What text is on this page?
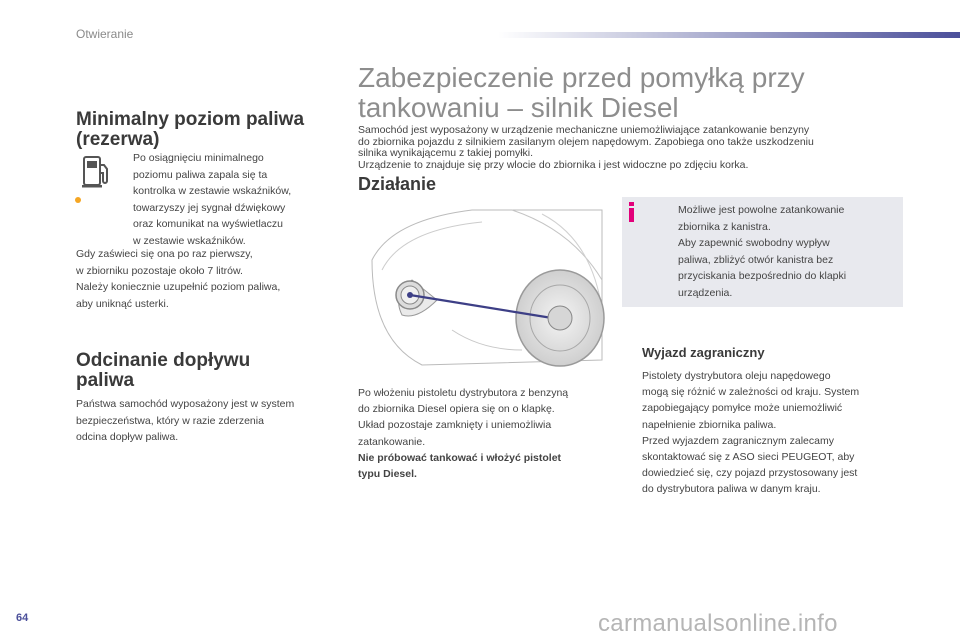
Otwieranie
Minimalny poziom paliwa
(rezerwa)
Po osiągnięciu minimalnego
poziomu paliwa zapala się ta
kontrolka w zestawie wskaźników,
towarzyszy jej sygnał dźwiękowy
oraz komunikat na wyświetlaczu
w zestawie wskaźników.
Gdy zaświeci się ona po raz pierwszy,
w zbiorniku pozostaje około 7 litrów.
Należy koniecznie uzupełnić poziom paliwa,
aby uniknąć usterki.
Odcinanie dopływu
paliwa
Państwa samochód wyposażony jest w system
bezpieczeństwa, który w razie zderzenia
odcina dopływ paliwa.
Zabezpieczenie przed pomyłką przy
tankowaniu – silnik Diesel
Samochód jest wyposażony w urządzenie mechaniczne uniemożliwiające zatankowanie benzyny
do zbiornika pojazdu z silnikiem zasilanym olejem napędowym. Zapobiega ono także uszkodzeniu
silnika wynikającemu z takiej pomyłki.
Urządzenie to znajduje się przy wlocie do zbiornika i jest widoczne po zdjęciu korka.
Działanie
Po włożeniu pistoletu dystrybutora z benzyną
do zbiornika Diesel opiera się on o klapkę.
Układ pozostaje zamknięty i uniemożliwia
zatankowanie.
Nie próbować tankować i włożyć pistolet
typu Diesel.
Możliwe jest powolne zatankowanie
zbiornika z kanistra.
Aby zapewnić swobodny wypływ
paliwa, zbliżyć otwór kanistra bez
przyciskania bezpośrednio do klapki
urządzenia.
Wyjazd zagraniczny
Pistolety dystrybutora oleju napędowego
mogą się różnić w zależności od kraju. System
zapobiegający pomyłce może uniemożliwić
napełnienie zbiornika paliwa.
Przed wyjazdem zagranicznym zalecamy
skontaktować się z ASO sieci PEUGEOT, aby
dowiedzieć się, czy pojazd przystosowany jest
do dystrybutora paliwa w danym kraju.
64	carmanualsonline.info
